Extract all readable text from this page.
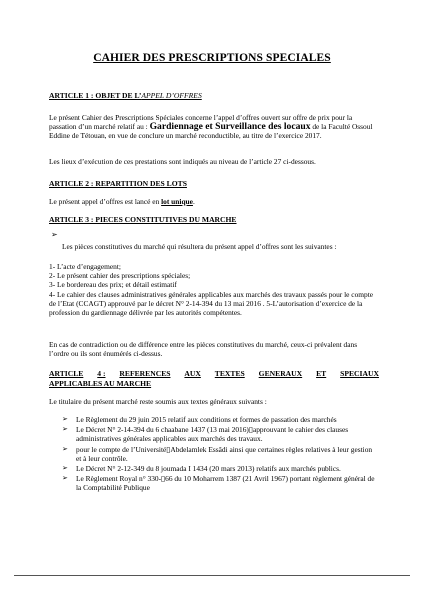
CAHIER DES PRESCRIPTIONS SPECIALES
ARTICLE 1 : OBJET DE L’APPEL D’OFFRES
Le présent Cahier des Prescriptions Spéciales concerne l’appel d’offres ouvert sur offre de prix pour la passation d’un marché relatif au : Gardiennage et Surveillance des locaux de la Faculté Ossoul Eddine de Tétouan, en vue de conclure un marché reconductible, au titre de l’exercice 2017.
Les lieux d’exécution de ces prestations sont indiqués au niveau de l’article 27 ci-dessous.
ARTICLE 2 : REPARTITION DES LOTS
Le présent appel d’offres est lancé en lot unique.
ARTICLE 3 : PIECES CONSTITUTIVES DU MARCHE
➢
Les pièces constitutives du marché qui résultera du présent appel d’offres sont les suivantes :
1- L’acte d’engagement;
2- Le présent cahier des prescriptions spéciales;
3- Le bordereau des prix; et détail estimatif
4- Le cahier des clauses administratives générales applicables aux marchés des travaux passés pour le compte de l’Etat (CCAGT) approuvé par le décret N° 2-14-394 du 13 mai 2016 . 5-L’autorisation d’exercice de la profession du gardiennage délivrée par les autorités compétentes.
En cas de contradiction ou de différence entre les pièces constitutives du marché, ceux-ci prévalent dans l’ordre ou ils sont énumérés ci-dessus.
ARTICLE 4 : REFERENCES AUX TEXTES GENERAUX ET SPECIAUX
APPLICABLES AU MARCHE
Le titulaire du présent marché reste soumis aux textes généraux suivants :
➢ Le Règlement du 29 juin 2015 relatif aux conditions et formes de passation des marchés
➢ Le Décret N° 2-14-394 du 6 chaabane 1437 (13 mai 2016)▯approuvant le cahier des clauses administratives générales applicables aux marchés des travaux.
➢ pour le compte de l’Université▯Abdelamlek Essâdi ainsi que certaines règles relatives à leur gestion et à leur contrôle.
➢ Le Décret N° 2-12-349 du 8 joumada I 1434 (20 mars 2013) relatifs aux marchés publics.
➢ Le Règlement Royal n° 330-▯66 du 10 Moharrem 1387 (21 Avril 1967) portant règlement général de la Comptabilité Publique
